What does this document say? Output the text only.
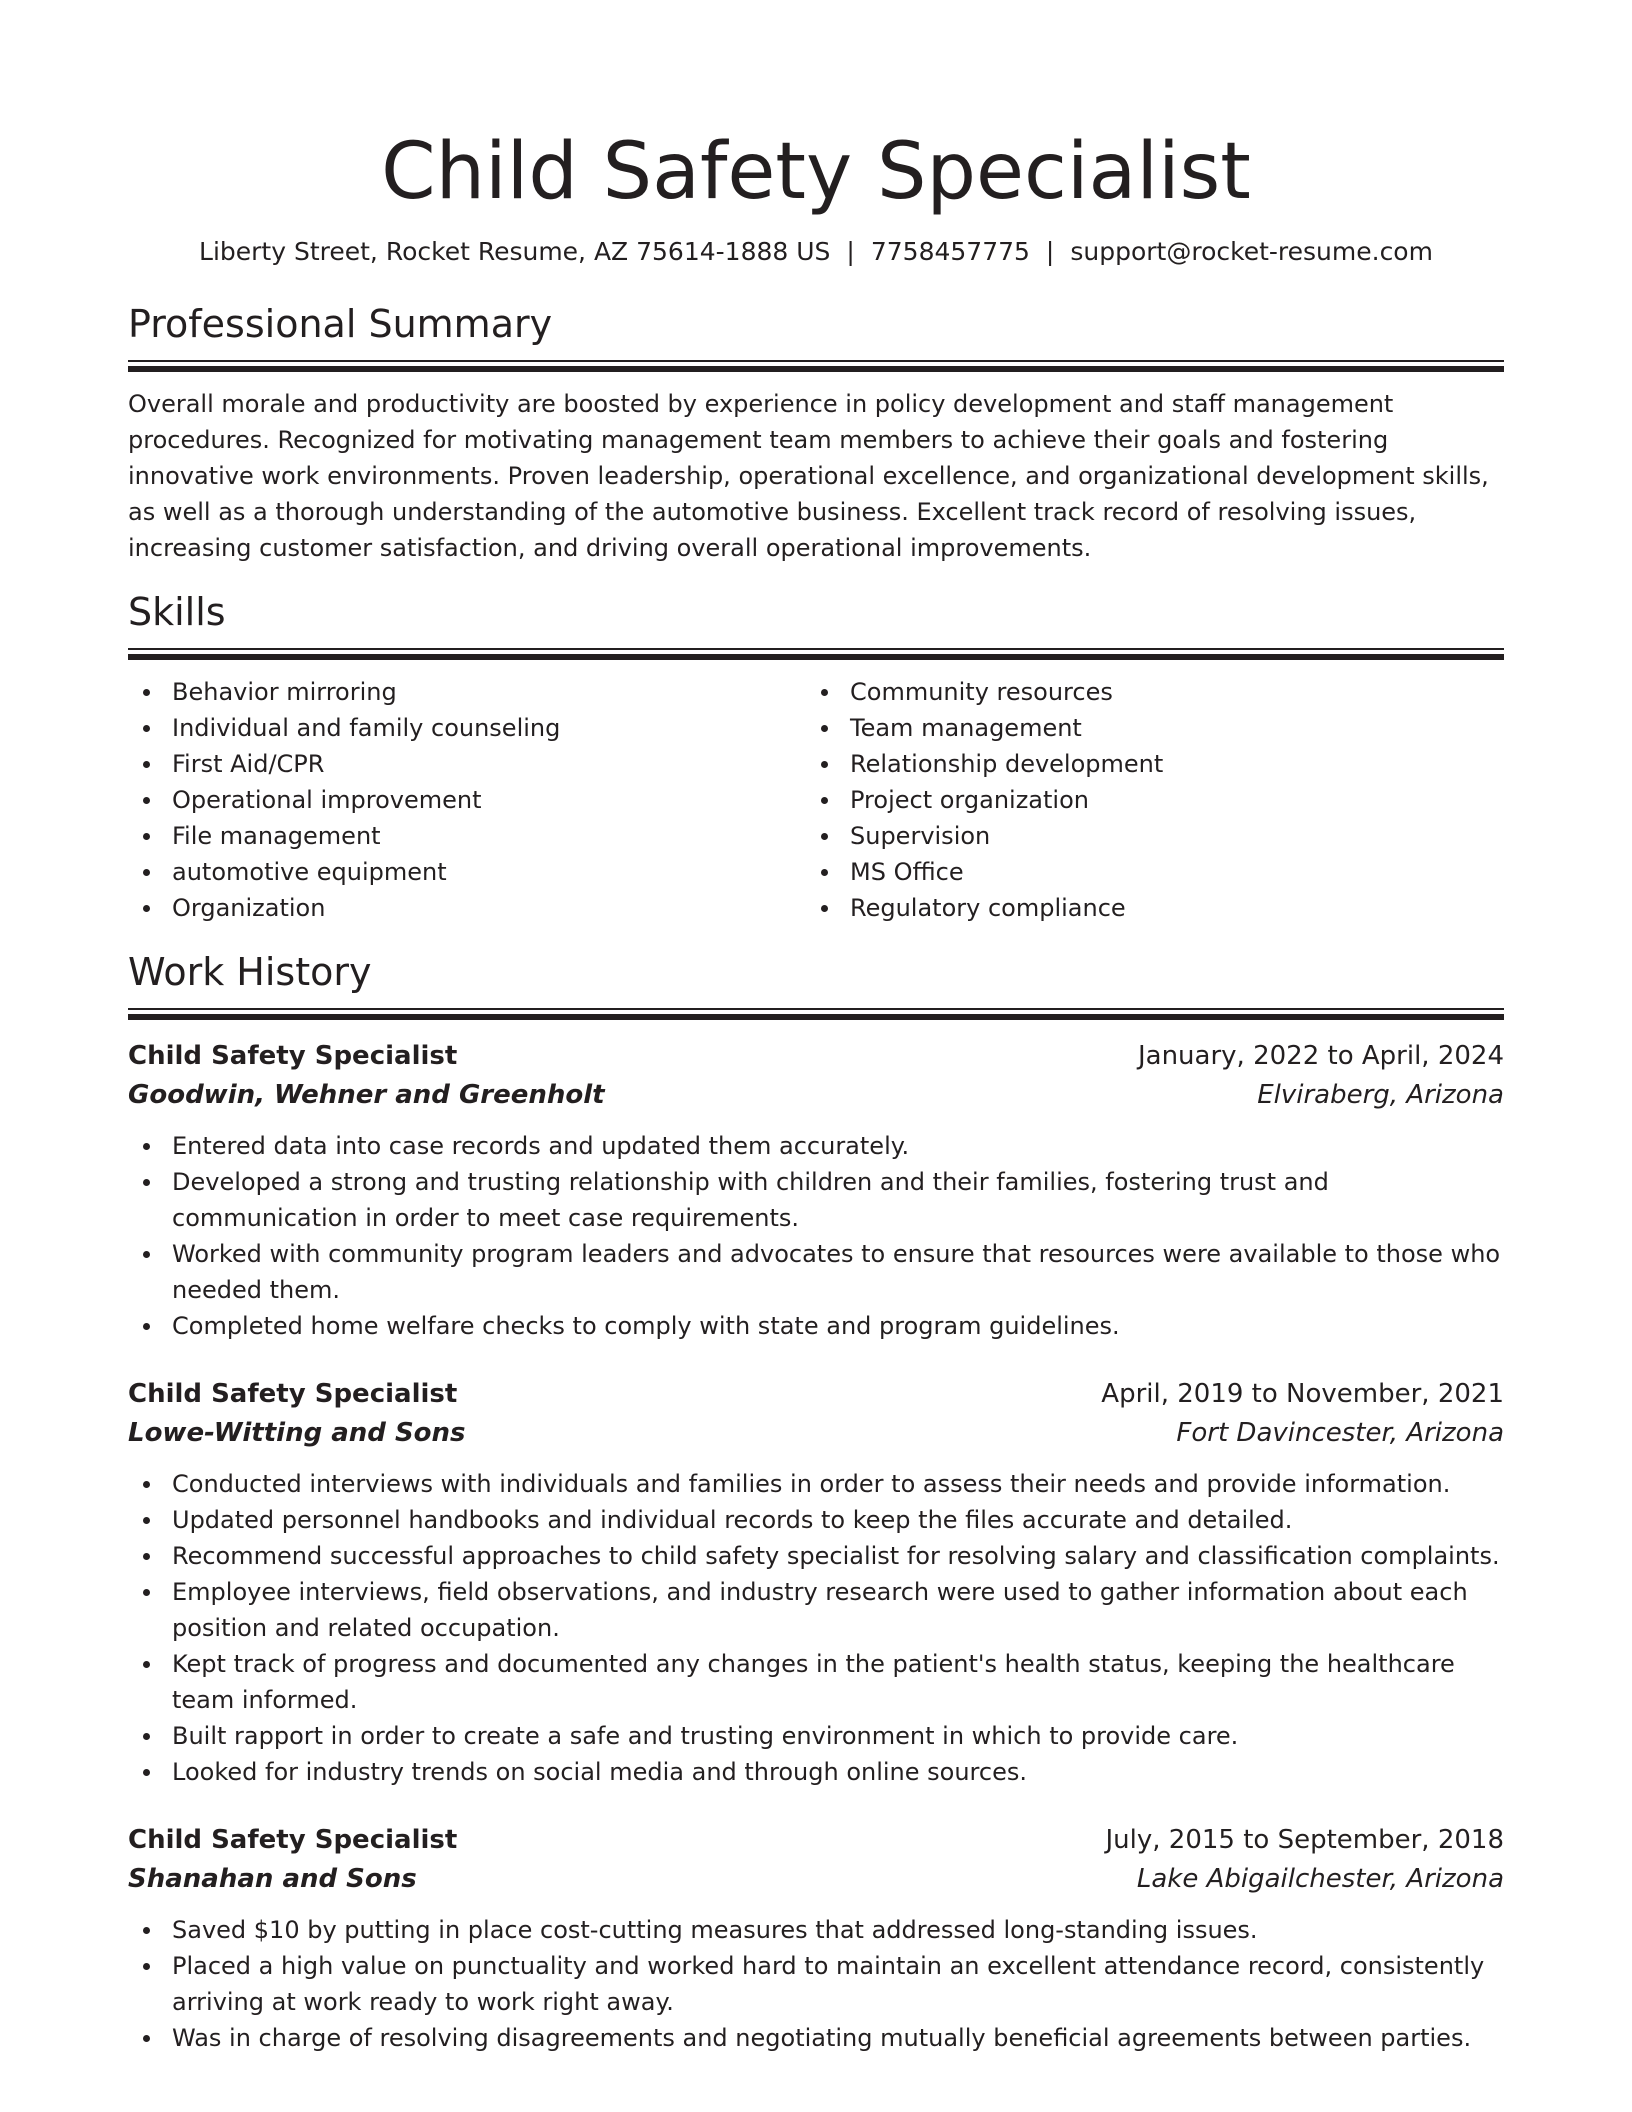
Child Safety Specialist
Liberty Street, Rocket Resume, AZ 75614-1888 US | 7758457775 | support@rocket-resume.com
Professional Summary

Overall morale and productivity are boosted by experience in policy development and staff management procedures. Recognized for motivating management team members to achieve their goals and fostering innovative work environments. Proven leadership, operational excellence, and organizational development skills, as well as a thorough understanding of the automotive business. Excellent track record of resolving issues, increasing customer satisfaction, and driving overall operational improvements.

Skills
Behavior mirroring
Individual and family counseling
First Aid/CPR
Operational improvement
File management
automotive equipment
Organization
Community resources
Team management
Relationship development
Project organization
Supervision
MS Office
Regulatory compliance
Work History
Child Safety Specialist	January, 2022 to April, 2024
Goodwin, Wehner and Greenholt	Elviraberg, Arizona
Entered data into case records and updated them accurately.
Developed a strong and trusting relationship with children and their families, fostering trust and communication in order to meet case requirements.
Worked with community program leaders and advocates to ensure that resources were available to those who needed them.
Completed home welfare checks to comply with state and program guidelines.
Child Safety Specialist	April, 2019 to November, 2021
Lowe-Witting and Sons	Fort Davincester, Arizona
Conducted interviews with individuals and families in order to assess their needs and provide information.
Updated personnel handbooks and individual records to keep the files accurate and detailed.
Recommend successful approaches to child safety specialist for resolving salary and classification complaints.
Employee interviews, field observations, and industry research were used to gather information about each position and related occupation.
Kept track of progress and documented any changes in the patient's health status, keeping the healthcare team informed.
Built rapport in order to create a safe and trusting environment in which to provide care.
Looked for industry trends on social media and through online sources.
Child Safety Specialist	July, 2015 to September, 2018
Shanahan and Sons	Lake Abigailchester, Arizona
Saved $10 by putting in place cost-cutting measures that addressed long-standing issues.
Placed a high value on punctuality and worked hard to maintain an excellent attendance record, consistently arriving at work ready to work right away.
Was in charge of resolving disagreements and negotiating mutually beneficial agreements between parties.
